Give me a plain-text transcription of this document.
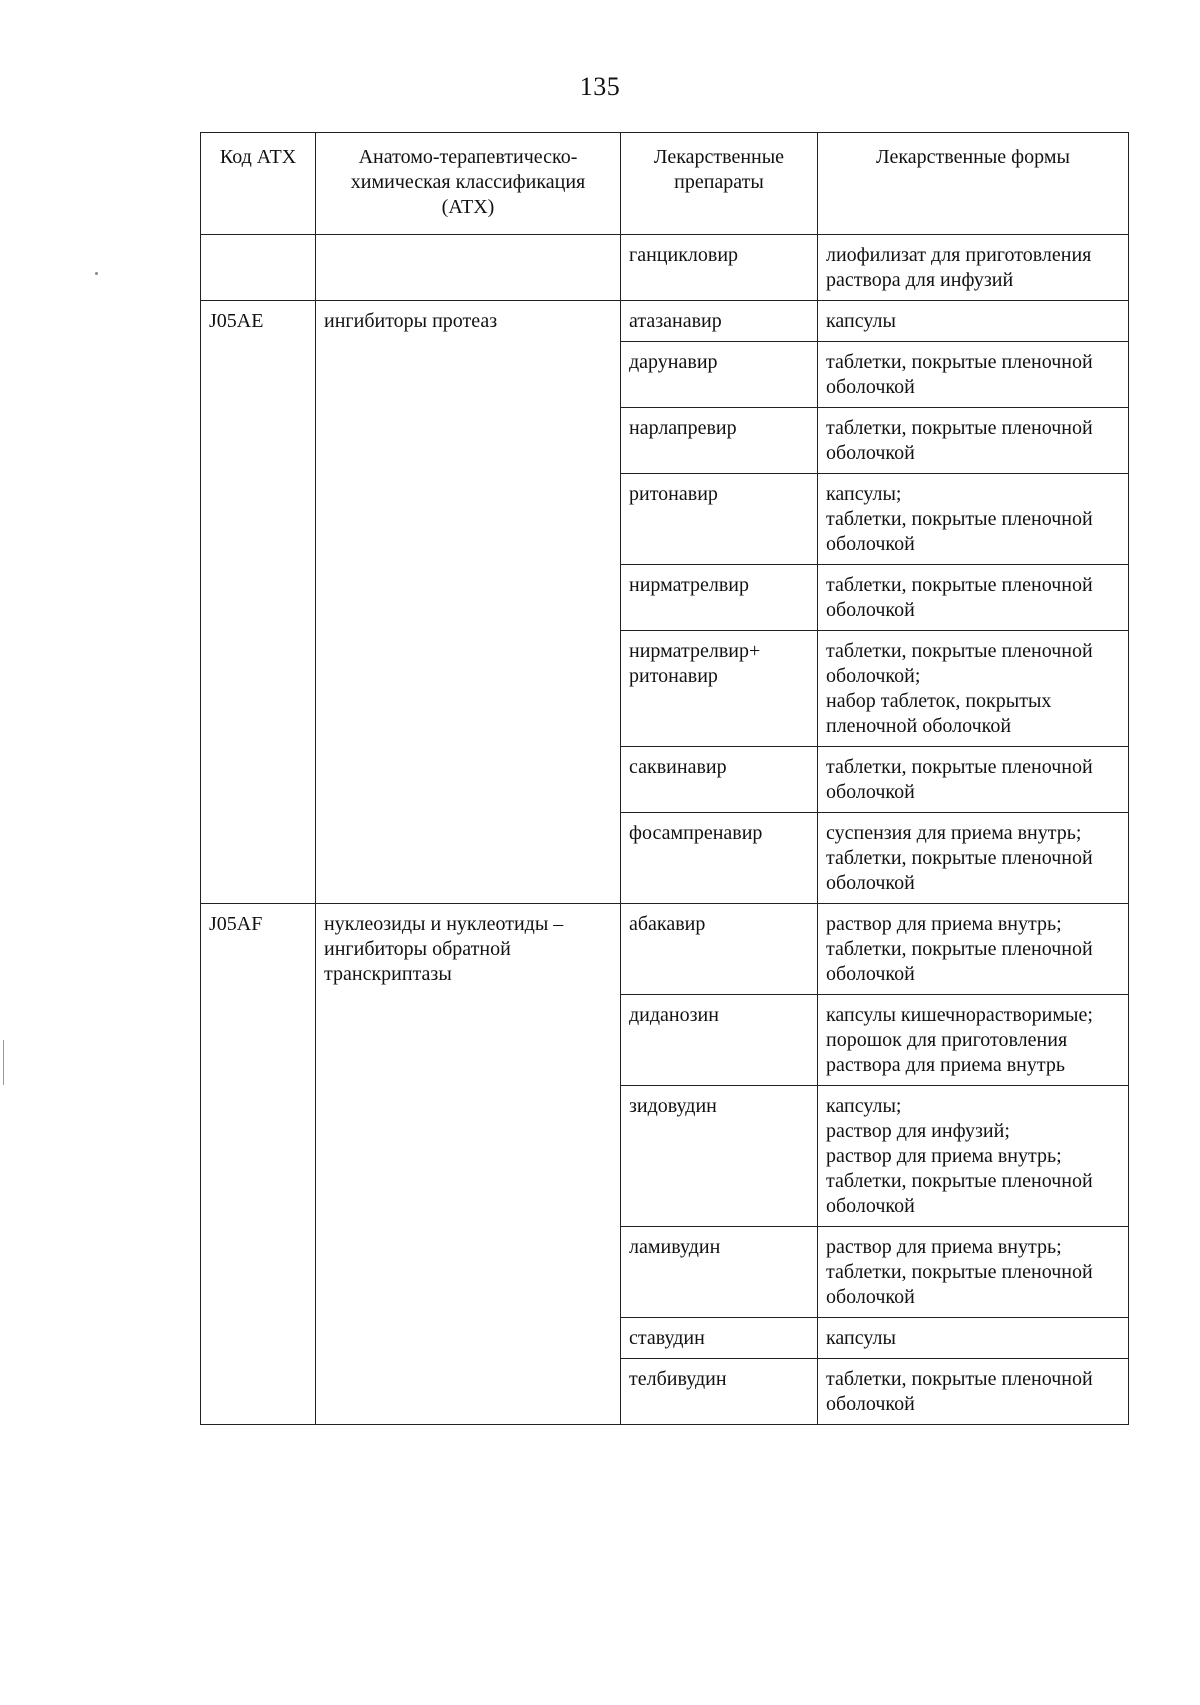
135
Код АТХ	Анатомо-терапевтическо-химическая классификация (АТХ)	Лекарственные препараты	Лекарственные формы
		ганцикловир	лиофилизат для приготовления раствора для инфузий

J05AE	ингибиторы протеаз	атазанавир	капсулы

		дарунавир	таблетки, покрытые пленочной оболочкой

		нарлапревир	таблетки, покрытые пленочной оболочкой

		ритонавир	капсулы;
таблетки, покрытые пленочной оболочкой

		нирматрелвир	таблетки, покрытые пленочной оболочкой

		нирматрелвир+ ритонавир	таблетки, покрытые пленочной оболочкой;
набор таблеток, покрытых пленочной оболочкой

		саквинавир	таблетки, покрытые пленочной оболочкой

		фосампренавир	суспензия для приема внутрь;
таблетки, покрытые пленочной оболочкой

J05AF	нуклеозиды и нуклеотиды – ингибиторы обратной транскриптазы	абакавир	раствор для приема внутрь;
таблетки, покрытые пленочной оболочкой

		диданозин	капсулы кишечнорастворимые;
порошок для приготовления раствора для приема внутрь

		зидовудин	капсулы;
раствор для инфузий;
раствор для приема внутрь;
таблетки, покрытые пленочной оболочкой

		ламивудин	раствор для приема внутрь;
таблетки, покрытые пленочной оболочкой

		ставудин	капсулы

		телбивудин	таблетки, покрытые пленочной оболочкой
